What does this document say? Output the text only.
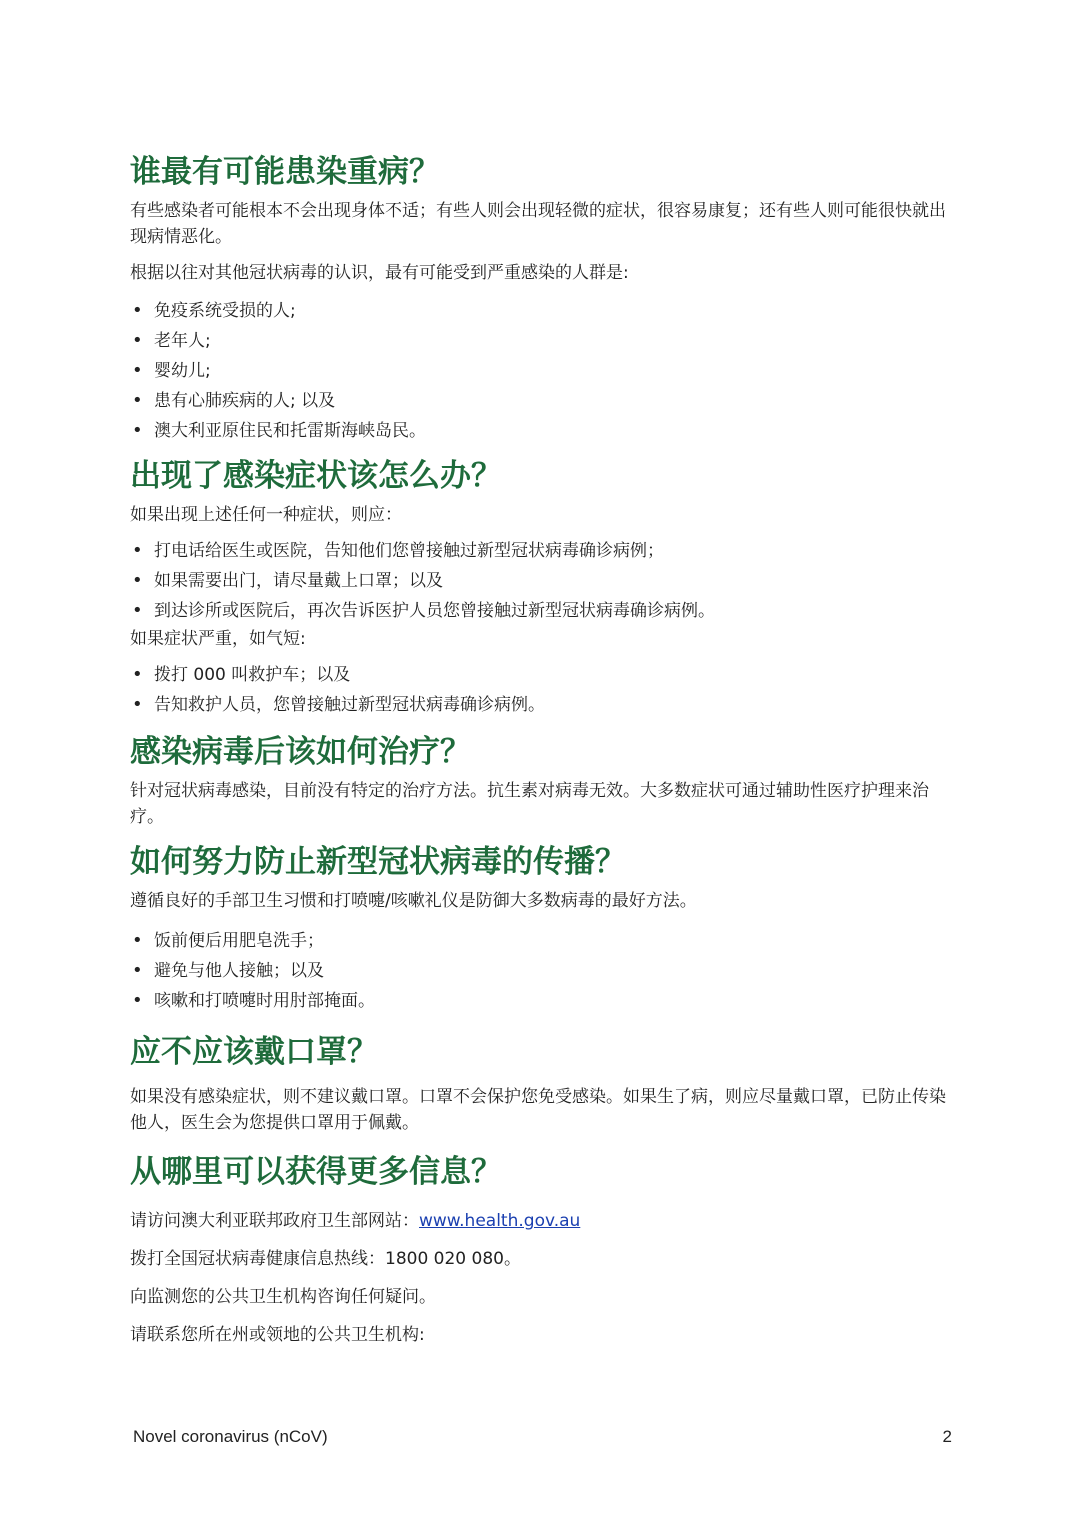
谁最有可能患染重病？

有些感染者可能根本不会出现身体不适；有些人则会出现轻微的症状，很容易康复；还有些人则可能很快就出现病情恶化。

根据以往对其他冠状病毒的认识，最有可能受到严重感染的人群是:

• 免疫系统受损的人;
• 老年人;
• 婴幼儿;
• 患有心肺疾病的人; 以及
• 澳大利亚原住民和托雷斯海峡岛民。
出现了感染症状该怎么办？

如果出现上述任何一种症状，则应：

• 打电话给医生或医院，告知他们您曾接触过新型冠状病毒确诊病例；
• 如果需要出门，请尽量戴上口罩；以及
• 到达诊所或医院后，再次告诉医护人员您曾接触过新型冠状病毒确诊病例。

如果症状严重，如气短:

• 拨打 000 叫救护车；以及
• 告知救护人员，您曾接触过新型冠状病毒确诊病例。
感染病毒后该如何治疗？

针对冠状病毒感染，目前没有特定的治疗方法。抗生素对病毒无效。大多数症状可通过辅助性医疗护理来治疗。

如何努力防止新型冠状病毒的传播？

遵循良好的手部卫生习惯和打喷嚏/咳嗽礼仪是防御大多数病毒的最好方法。

• 饭前便后用肥皂洗手；
• 避免与他人接触；以及
• 咳嗽和打喷嚏时用肘部掩面。
应不应该戴口罩？

如果没有感染症状，则不建议戴口罩。口罩不会保护您免受感染。如果生了病，则应尽量戴口罩，已防止传染他人，医生会为您提供口罩用于佩戴。

从哪里可以获得更多信息？

请访问澳大利亚联邦政府卫生部网站：www.health.gov.au

拨打全国冠状病毒健康信息热线：1800 020 080。

向监测您的公共卫生机构咨询任何疑问。

请联系您所在州或领地的公共卫生机构:

Novel coronavirus (nCoV)	2
